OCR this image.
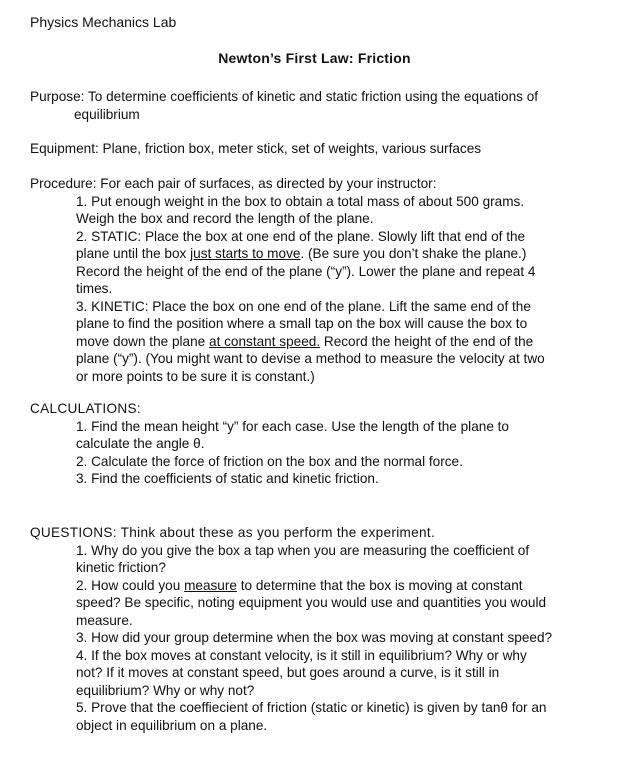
Physics Mechanics Lab
Newton’s First Law: Friction
Purpose: To determine coefficients of kinetic and static friction using the equations of
equilibrium
Equipment: Plane, friction box, meter stick, set of weights, various surfaces
Procedure: For each pair of surfaces, as directed by your instructor:
1. Put enough weight in the box to obtain a total mass of about 500 grams.
Weigh the box and record the length of the plane.
2. STATIC: Place the box at one end of the plane. Slowly lift that end of the
plane until the box just starts to move. (Be sure you don’t shake the plane.)
Record the height of the end of the plane (“y”). Lower the plane and repeat 4
times.
3. KINETIC: Place the box on one end of the plane. Lift the same end of the
plane to find the position where a small tap on the box will cause the box to
move down the plane at constant speed. Record the height of the end of the
plane (“y”). (You might want to devise a method to measure the velocity at two
or more points to be sure it is constant.)
CALCULATIONS:
1. Find the mean height “y” for each case. Use the length of the plane to
calculate the angle θ.
2. Calculate the force of friction on the box and the normal force.
3. Find the coefficients of static and kinetic friction.
QUESTIONS: Think about these as you perform the experiment.
1. Why do you give the box a tap when you are measuring the coefficient of
kinetic friction?
2. How could you measure to determine that the box is moving at constant
speed? Be specific, noting equipment you would use and quantities you would
measure.
3. How did your group determine when the box was moving at constant speed?
4. If the box moves at constant velocity, is it still in equilibrium? Why or why
not? If it moves at constant speed, but goes around a curve, is it still in
equilibrium? Why or why not?
5. Prove that the coeffiecient of friction (static or kinetic) is given by tanθ for an
object in equilibrium on a plane.
